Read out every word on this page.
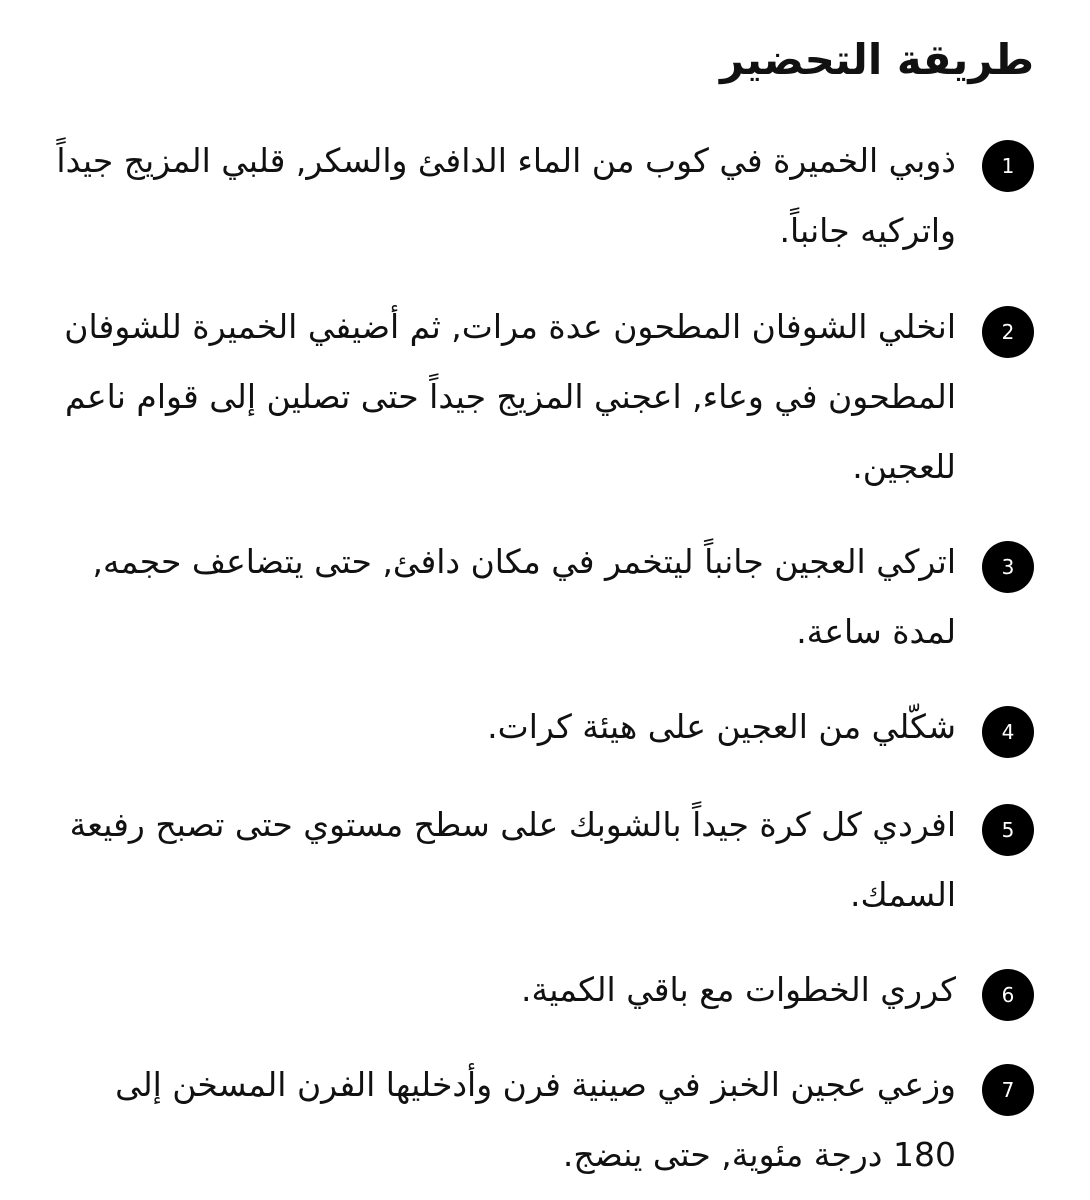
طريقة التحضير
1
ذوبي الخميرة في كوب من الماء الدافئ والسكر, قلبي المزيج جيداً واتركيه جانباً.
2
انخلي الشوفان المطحون عدة مرات, ثم أضيفي الخميرة للشوفان المطحون في وعاء, اعجني المزيج جيداً حتى تصلين إلى قوام ناعم للعجين.
3
اتركي العجين جانباً ليتخمر في مكان دافئ, حتى يتضاعف حجمه, لمدة ساعة.
4
شكّلي من العجين على هيئة كرات.
5
افردي كل كرة جيداً بالشوبك على سطح مستوي حتى تصبح رفيعة السمك.
6
كرري الخطوات مع باقي الكمية.
7
وزعي عجين الخبز في صينية فرن وأدخليها الفرن المسخن إلى 180 درجة مئوية, حتى ينضج.
